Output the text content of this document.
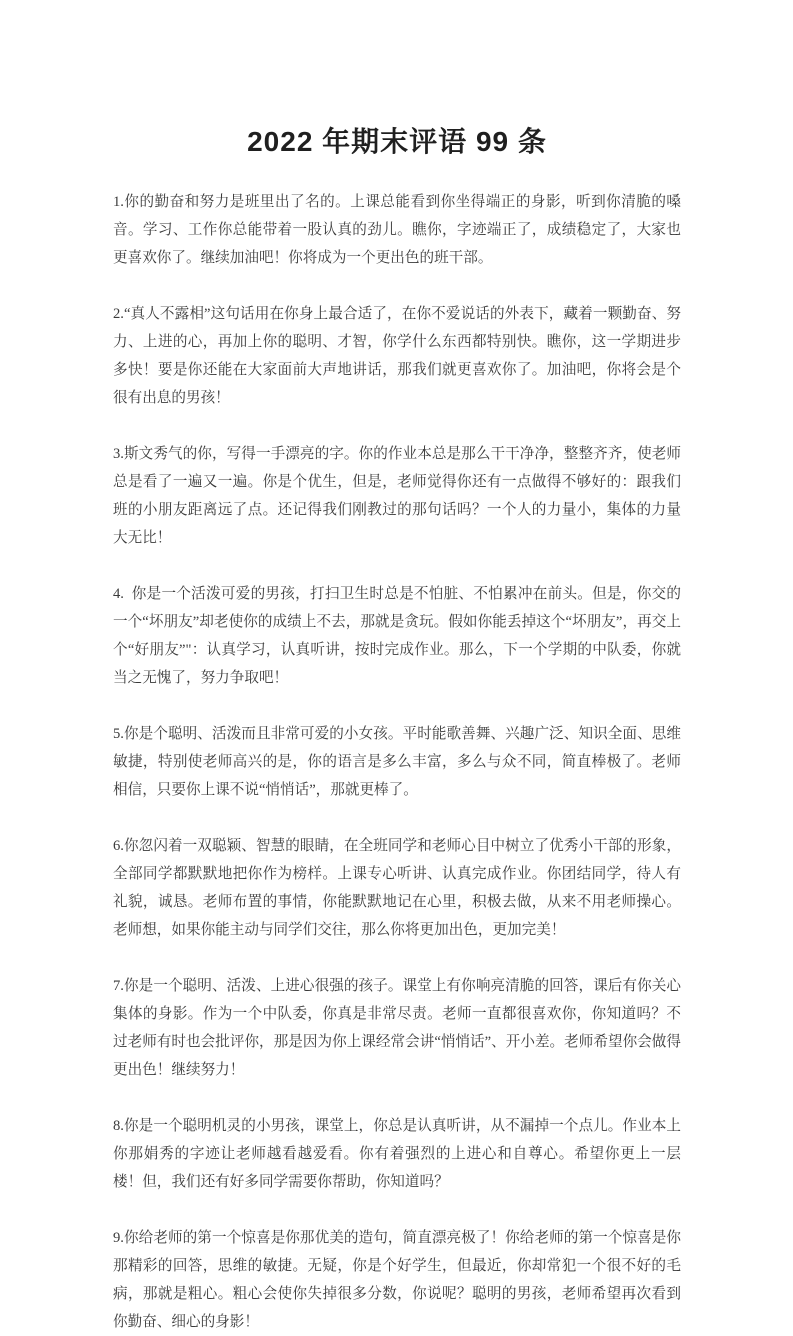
2022 年期末评语 99 条

1.你的勤奋和努力是班里出了名的。上课总能看到你坐得端正的身影，听到你清脆的嗓音。学习、工作你总能带着一股认真的劲儿。瞧你，字迹端正了，成绩稳定了，大家也更喜欢你了。继续加油吧！你将成为一个更出色的班干部。

2.“真人不露相”这句话用在你身上最合适了，在你不爱说话的外表下，藏着一颗勤奋、努力、上进的心，再加上你的聪明、才智，你学什么东西都特别快。瞧你，这一学期进步多快！要是你还能在大家面前大声地讲话，那我们就更喜欢你了。加油吧，你将会是个很有出息的男孩！

3.斯文秀气的你，写得一手漂亮的字。你的作业本总是那么干干净净，整整齐齐，使老师总是看了一遍又一遍。你是个优生，但是，老师觉得你还有一点做得不够好的：跟我们班的小朋友距离远了点。还记得我们刚教过的那句话吗？一个人的力量小，集体的力量大无比！

4.  你是一个活泼可爱的男孩，打扫卫生时总是不怕脏、不怕累冲在前头。但是，你交的一个“坏朋友”却老使你的成绩上不去，那就是贪玩。假如你能丢掉这个“坏朋友”，再交上个“好朋友”"：认真学习，认真听讲，按时完成作业。那么，下一个学期的中队委，你就当之无愧了，努力争取吧！

5.你是个聪明、活泼而且非常可爱的小女孩。平时能歌善舞、兴趣广泛、知识全面、思维敏捷，特别使老师高兴的是，你的语言是多么丰富，多么与众不同，简直棒极了。老师相信，只要你上课不说“悄悄话”，那就更棒了。

6.你忽闪着一双聪颖、智慧的眼睛，在全班同学和老师心目中树立了优秀小干部的形象，全部同学都默默地把你作为榜样。上课专心听讲、认真完成作业。你团结同学，待人有礼貌，诚恳。老师布置的事情，你能默默地记在心里，积极去做，从来不用老师操心。老师想，如果你能主动与同学们交往，那么你将更加出色，更加完美！

7.你是一个聪明、活泼、上进心很强的孩子。课堂上有你响亮清脆的回答，课后有你关心集体的身影。作为一个中队委，你真是非常尽责。老师一直都很喜欢你，你知道吗？不过老师有时也会批评你，那是因为你上课经常会讲“悄悄话”、开小差。老师希望你会做得更出色！继续努力！

8.你是一个聪明机灵的小男孩，课堂上，你总是认真听讲，从不漏掉一个点儿。作业本上你那娟秀的字迹让老师越看越爱看。你有着强烈的上进心和自尊心。希望你更上一层楼！但，我们还有好多同学需要你帮助，你知道吗？

9.你给老师的第一个惊喜是你那优美的造句，简直漂亮极了！你给老师的第一个惊喜是你那精彩的回答，思维的敏捷。无疑，你是个好学生，但最近，你却常犯一个很不好的毛病，那就是粗心。粗心会使你失掉很多分数，你说呢？聪明的男孩，老师希望再次看到你勤奋、细心的身影！
